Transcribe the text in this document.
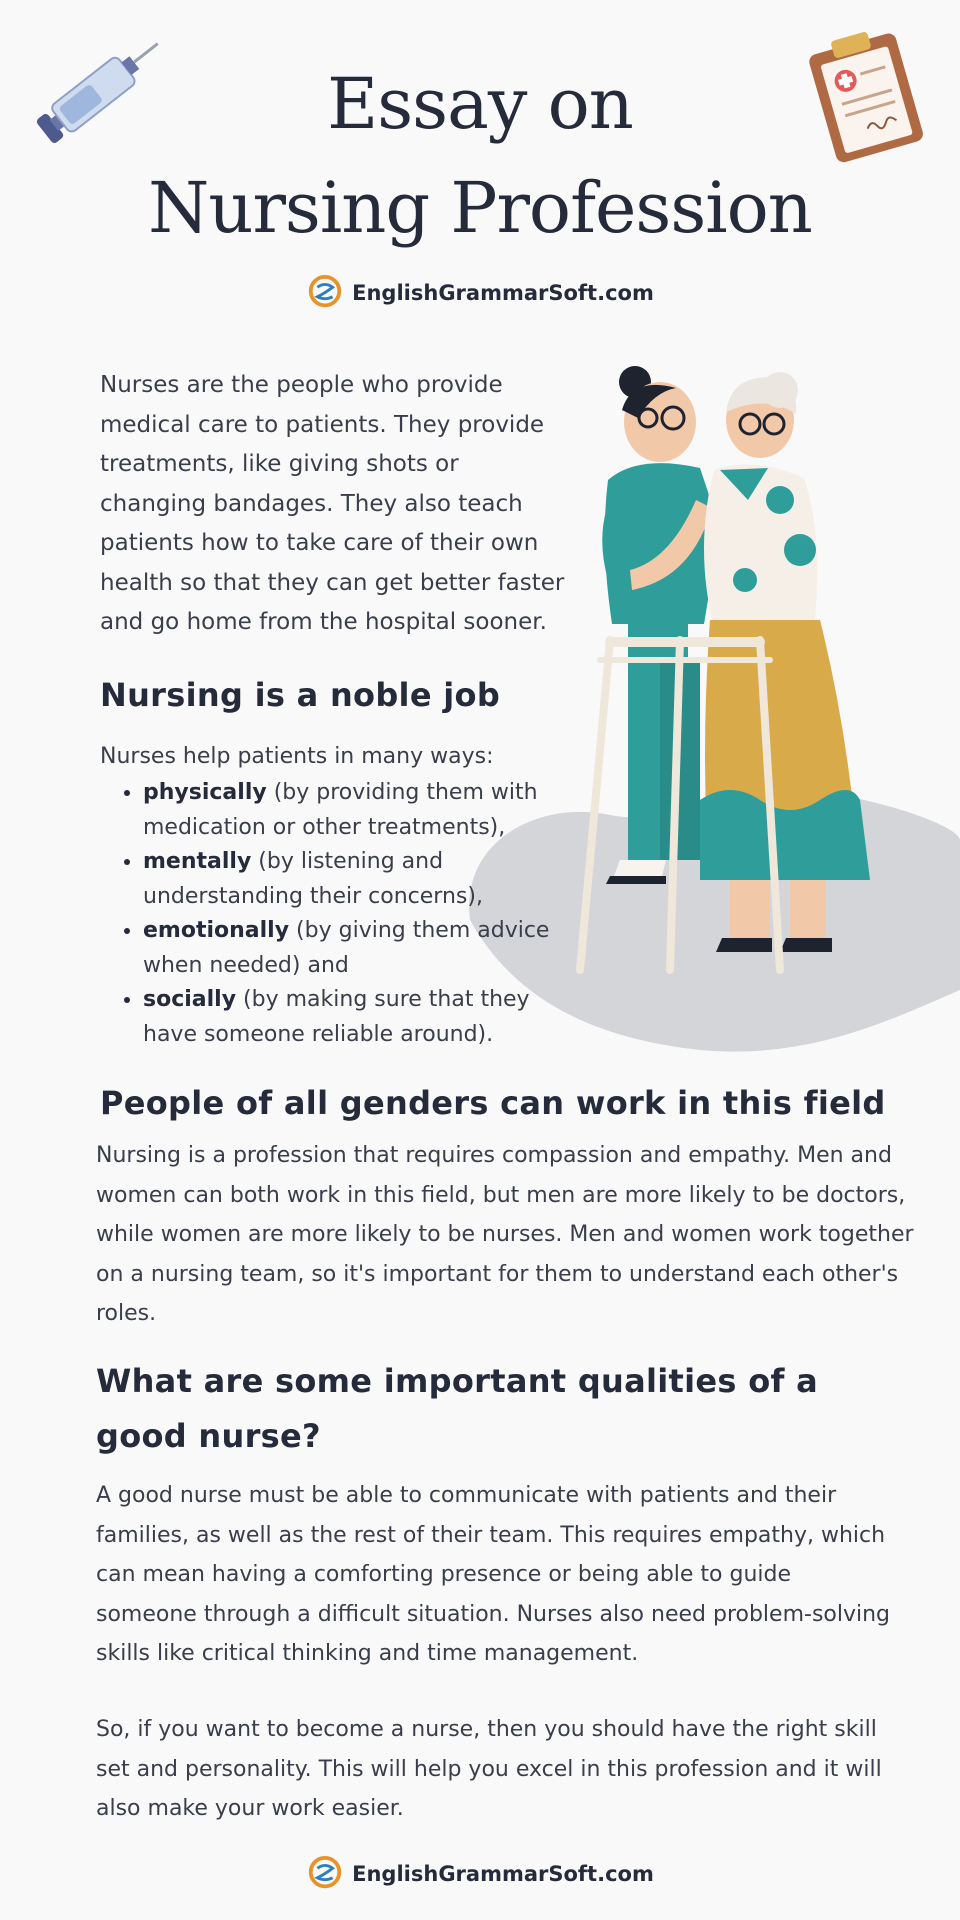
Essay on
Nursing Profession
EnglishGrammarSoft.com

Nurses are the people who provide medical care to patients. They provide treatments, like giving shots or changing bandages. They also teach patients how to take care of their own health so that they can get better faster and go home from the hospital sooner.

Nursing is a noble job

Nurses help patients in many ways:

• physically (by providing them with medication or other treatments),
• mentally (by listening and understanding their concerns),
• emotionally (by giving them advice when needed) and
• socially (by making sure that they have someone reliable around).
People of all genders can work in this field

Nursing is a profession that requires compassion and empathy. Men and women can both work in this field, but men are more likely to be doctors, while women are more likely to be nurses. Men and women work together on a nursing team, so it's important for them to understand each other's roles.

What are some important qualities of a good nurse?

A good nurse must be able to communicate with patients and their families, as well as the rest of their team. This requires empathy, which can mean having a comforting presence or being able to guide someone through a difficult situation. Nurses also need problem-solving skills like critical thinking and time management.

So, if you want to become a nurse, then you should have the right skill set and personality. This will help you excel in this profession and it will also make your work easier.

EnglishGrammarSoft.com
